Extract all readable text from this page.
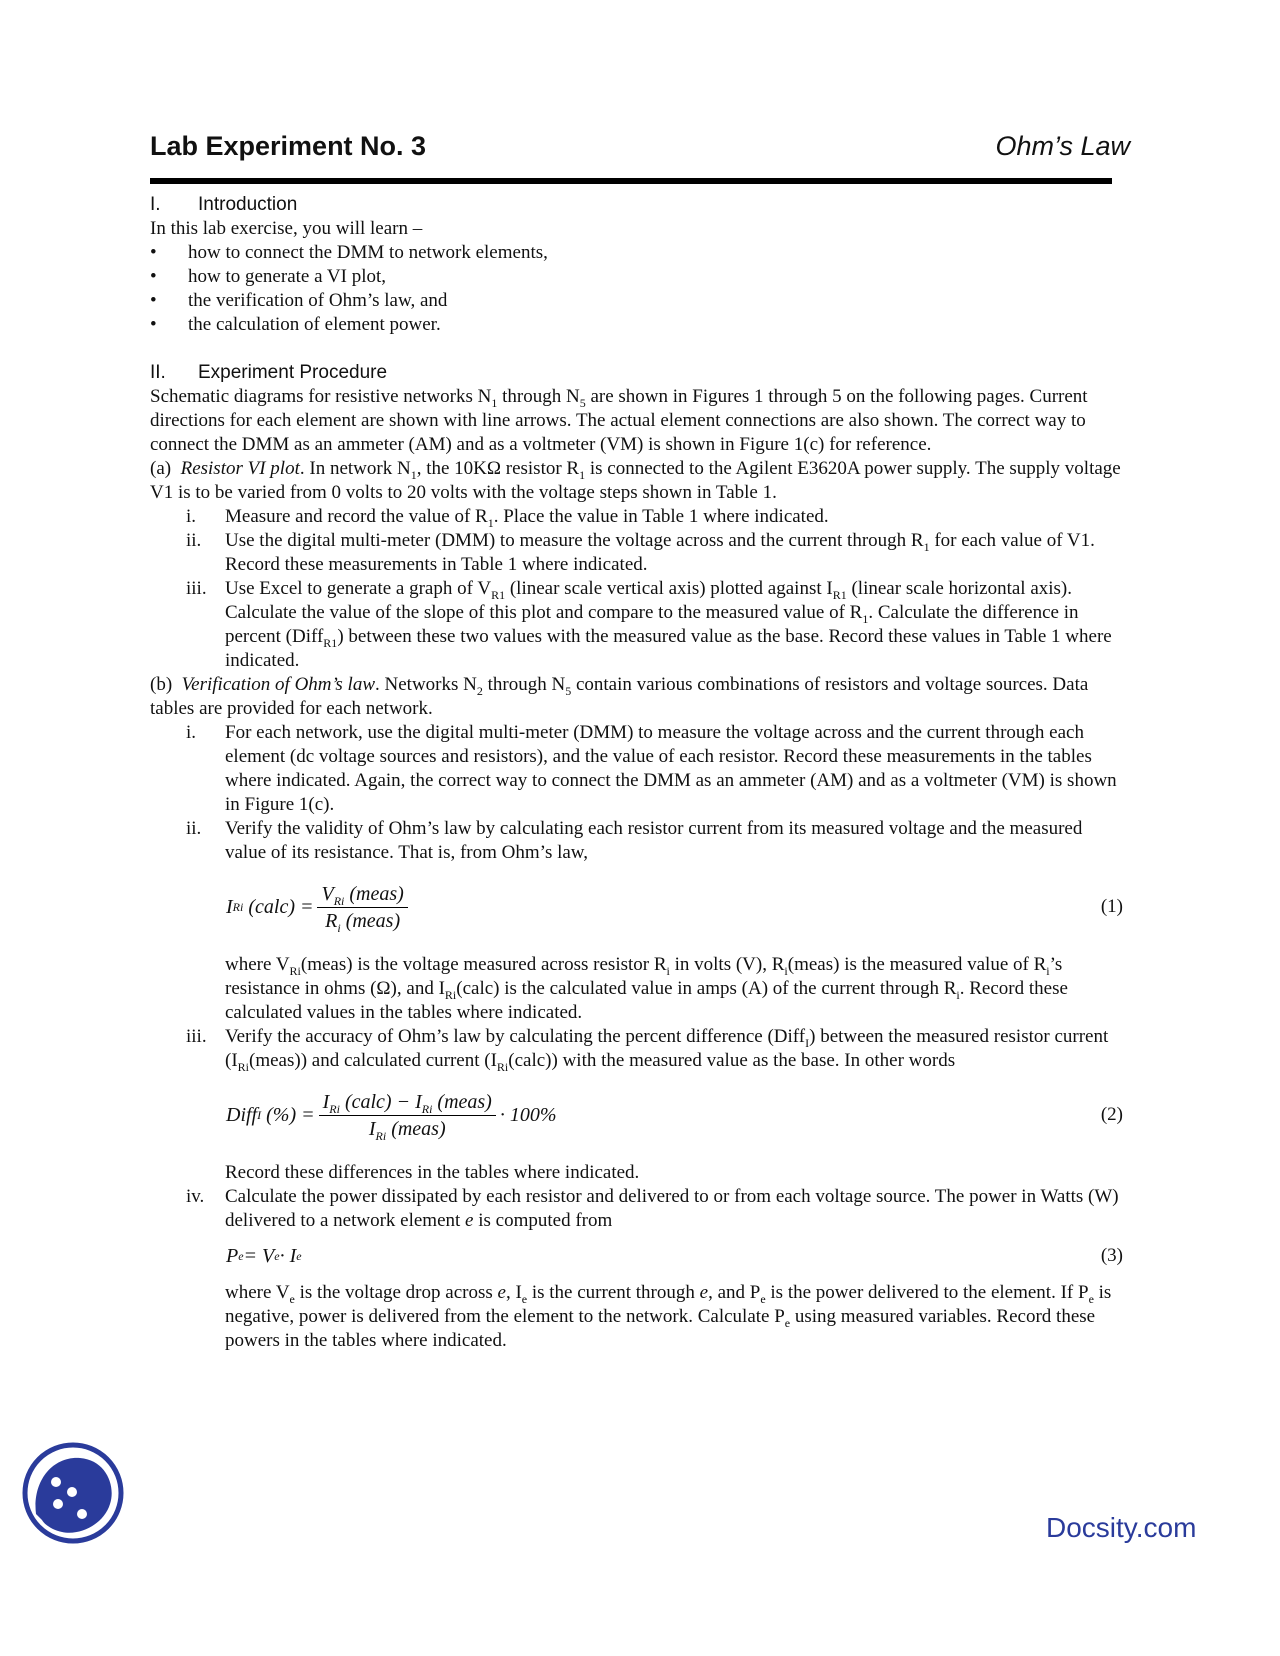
Lab Experiment No. 3	Ohm’s Law
I. Introduction

In this lab exercise, you will learn –

• how to connect the DMM to network elements,
• how to generate a VI plot,
• the verification of Ohm’s law, and
• the calculation of element power.
II. Experiment Procedure

Schematic diagrams for resistive networks $N_1$ through $N_5$ are shown in Figures 1 through 5 on the following pages. Current directions for each element are shown with line arrows. The actual element connections are also shown. The correct way to connect the DMM as an ammeter (AM) and as a voltmeter (VM) is shown in Figure 1(c) for reference.

(a) Resistor VI plot. In network $N_1$, the 10KΩ resistor $R_1$ is connected to the Agilent E3620A power supply. The supply voltage V1 is to be varied from 0 volts to 20 volts with the voltage steps shown in Table 1.

i.	Measure and record the value of $R_1$. Place the value in Table 1 where indicated.
ii.	Use the digital multi-meter (DMM) to measure the voltage across and the current through $R_1$ for each value of V1. Record these measurements in Table 1 where indicated.
iii. Use Excel to generate a graph of $V_{R1}$ (linear scale vertical axis) plotted against $I_{R1}$ (linear scale horizontal axis). Calculate the value of the slope of this plot and compare to the measured value of $R_1$. Calculate the difference in percent (Diff$_{R1}$) between these two values with the measured value as the base. Record these values in Table 1 where indicated.

(b) Verification of Ohm’s law. Networks $N_2$ through $N_5$ contain various combinations of resistors and voltage sources. Data tables are provided for each network.

i.	For each network, use the digital multi-meter (DMM) to measure the voltage across and the current through each element (dc voltage sources and resistors), and the value of each resistor. Record these measurements in the tables where indicated. Again, the correct way to connect the DMM as an ammeter (AM) and as a voltmeter (VM) is shown in Figure 1(c).
ii.	Verify the validity of Ohm’s law by calculating each resistor current from its measured voltage and the measured value of its resistance. That is, from Ohm’s law,
I Ri
(calc) = $\frac{V_{Ri} (meas)}{R_i (meas)}$	(1)
where $V_{Ri}(meas)$ is the voltage measured across resistor $R_i$ in volts (V), $R_i(meas)$ is the measured value of $R_i’s$ resistance in ohms (Ω), and $I_{Ri}(calc)$ is the calculated value in amps (A) of the current through $R_i$. Record these calculated values in the tables where indicated.
iii. Verify the accuracy of Ohm’s law by calculating the percent difference (Diff$_I$) between the measured resistor current $(I_{Ri}(meas))$ and calculated current $(I_{Ri}(calc))$ with the measured value as the base. In other words
Diff I
(%) = $\frac{I_{Ri} (calc) - I_{Ri} (meas)}{I_{Ri} (meas)} \cdot 100\%$	(2)
Record these differences in the tables where indicated.
iv.	Calculate the power dissipated by each resistor and delivered to or from each voltage source. The power in Watts (W) delivered to a network element e is computed from
P e = V e · I e	(3)
where $V_e$ is the voltage drop across e, $I_e$ is the current through e, and $P_e$ is the power delivered to the element. If $P_e$ is negative, power is delivered from the element to the network. Calculate $P_e$ using measured variables. Record these powers in the tables where indicated.
Docsity.com
